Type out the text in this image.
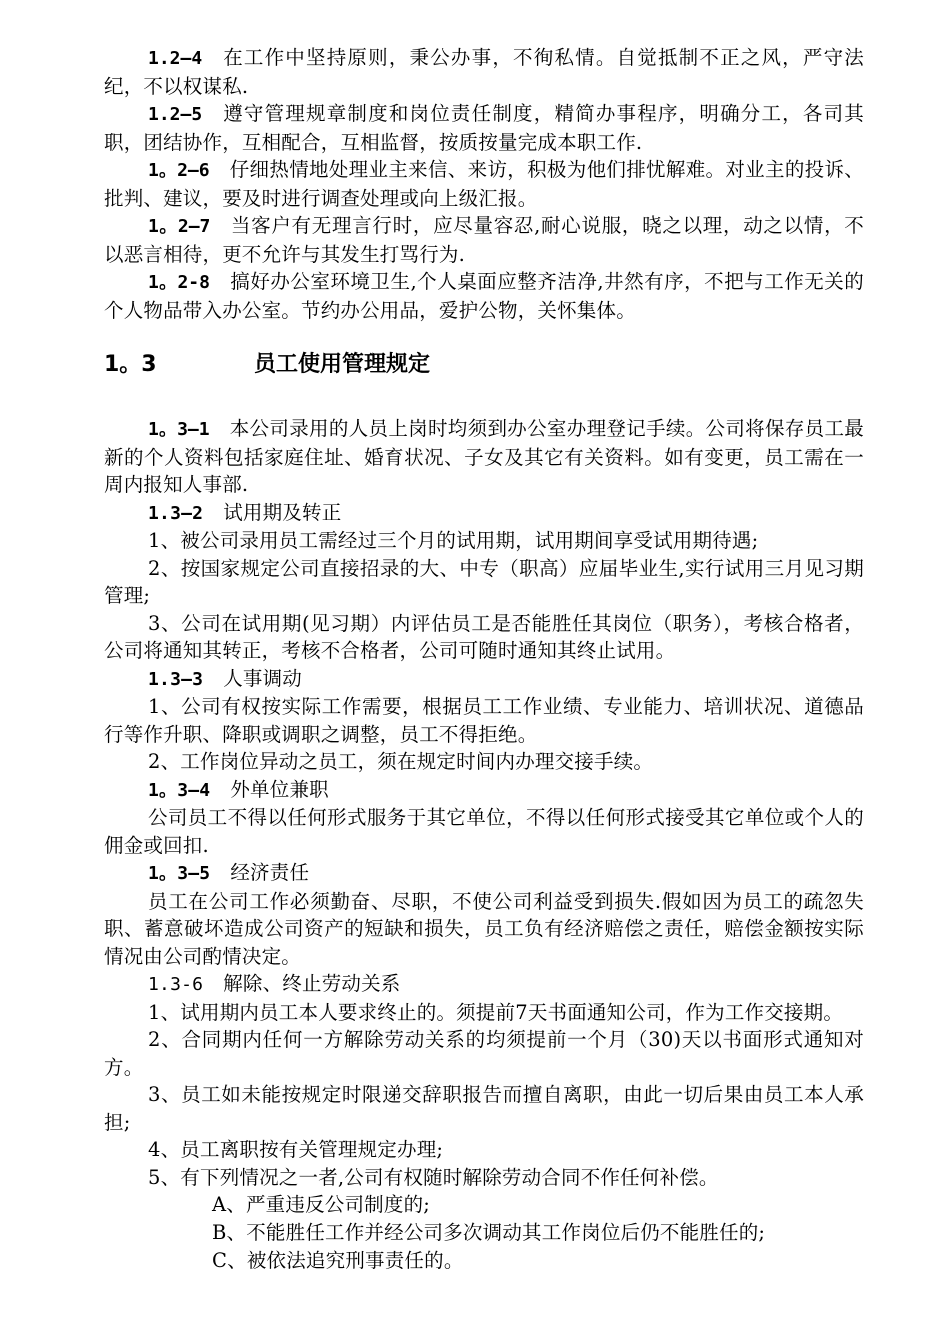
1.2—4 在工作中坚持原则，秉公办事，不徇私情。自觉抵制不正之风，严守法纪，不以权谋私.

1.2—5 遵守管理规章制度和岗位责任制度，精简办事程序，明确分工，各司其职，团结协作，互相配合，互相监督，按质按量完成本职工作.

1。2—6 仔细热情地处理业主来信、来访，积极为他们排忧解难。对业主的投诉、批判、建议，要及时进行调查处理或向上级汇报。

1。2—7 当客户有无理言行时，应尽量容忍,耐心说服，晓之以理，动之以情，不以恶言相待，更不允许与其发生打骂行为.

1。2-8 搞好办公室环境卫生,个人桌面应整齐洁净,井然有序，不把与工作无关的个人物品带入办公室。节约办公用品，爱护公物，关怀集体。

1。3	员工使用管理规定

1。3—1 本公司录用的人员上岗时均须到办公室办理登记手续。公司将保存员工最新的个人资料包括家庭住址、婚育状况、子女及其它有关资料。如有变更，员工需在一周内报知人事部.

1.3—2 试用期及转正

1、被公司录用员工需经过三个月的试用期，试用期间享受试用期待遇;

2、按国家规定公司直接招录的大、中专（职高）应届毕业生,实行试用三月见习期管理;

3、公司在试用期(见习期）内评估员工是否能胜任其岗位（职务），考核合格者，公司将通知其转正，考核不合格者，公司可随时通知其终止试用。

1.3—3 人事调动

1、公司有权按实际工作需要，根据员工工作业绩、专业能力、培训状况、道德品行等作升职、降职或调职之调整，员工不得拒绝。

2、工作岗位异动之员工，须在规定时间内办理交接手续。

1。3—4 外单位兼职

公司员工不得以任何形式服务于其它单位，不得以任何形式接受其它单位或个人的佣金或回扣.

1。3—5 经济责任

员工在公司工作必须勤奋、尽职，不使公司利益受到损失.假如因为员工的疏忽失职、蓄意破坏造成公司资产的短缺和损失，员工负有经济赔偿之责任，赔偿金额按实际情况由公司酌情决定。

1.3-6 解除、终止劳动关系

1、试用期内员工本人要求终止的。须提前7天书面通知公司，作为工作交接期。

2、合同期内任何一方解除劳动关系的均须提前一个月（30)天以书面形式通知对方。

3、员工如未能按规定时限递交辞职报告而擅自离职，由此一切后果由员工本人承担;

4、员工离职按有关管理规定办理;

5、有下列情况之一者,公司有权随时解除劳动合同不作任何补偿。

A、严重违反公司制度的;

B、不能胜任工作并经公司多次调动其工作岗位后仍不能胜任的;

C、被依法追究刑事责任的。
